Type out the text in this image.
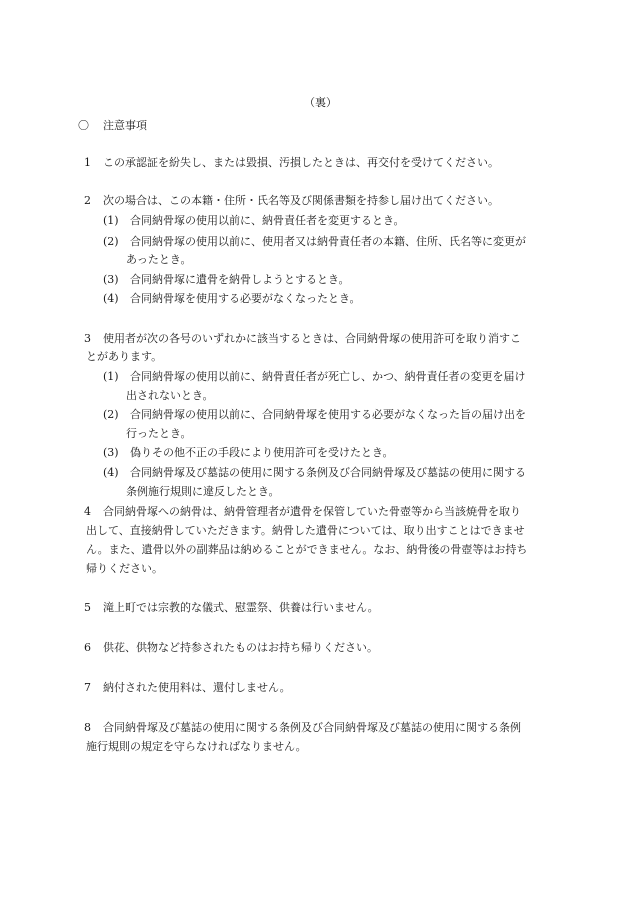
（裏）
〇 注意事項
1 この承認証を紛失し、または毀損、汚損したときは、再交付を受けてください。
2 次の場合は、この本籍・住所・氏名等及び関係書類を持参し届け出てください。
(1) 合同納骨塚の使用以前に、納骨責任者を変更するとき。
(2) 合同納骨塚の使用以前に、使用者又は納骨責任者の本籍、住所、氏名等に変更が
あったとき。
(3) 合同納骨塚に遺骨を納骨しようとするとき。
(4) 合同納骨塚を使用する必要がなくなったとき。
3 使用者が次の各号のいずれかに該当するときは、合同納骨塚の使用許可を取り消すこ
とがあります。
(1) 合同納骨塚の使用以前に、納骨責任者が死亡し、かつ、納骨責任者の変更を届け
出されないとき。
(2) 合同納骨塚の使用以前に、合同納骨塚を使用する必要がなくなった旨の届け出を
行ったとき。
(3) 偽りその他不正の手段により使用許可を受けたとき。
(4) 合同納骨塚及び墓誌の使用に関する条例及び合同納骨塚及び墓誌の使用に関する
条例施行規則に違反したとき。
4 合同納骨塚への納骨は、納骨管理者が遺骨を保管していた骨壺等から当該焼骨を取り
出して、直接納骨していただきます。納骨した遺骨については、取り出すことはできませ
ん。また、遺骨以外の副葬品は納めることができません。なお、納骨後の骨壺等はお持ち
帰りください。
5 滝上町では宗教的な儀式、慰霊祭、供養は行いません。
6 供花、供物など持参されたものはお持ち帰りください。
7 納付された使用料は、還付しません。
8 合同納骨塚及び墓誌の使用に関する条例及び合同納骨塚及び墓誌の使用に関する条例
施行規則の規定を守らなければなりません。
